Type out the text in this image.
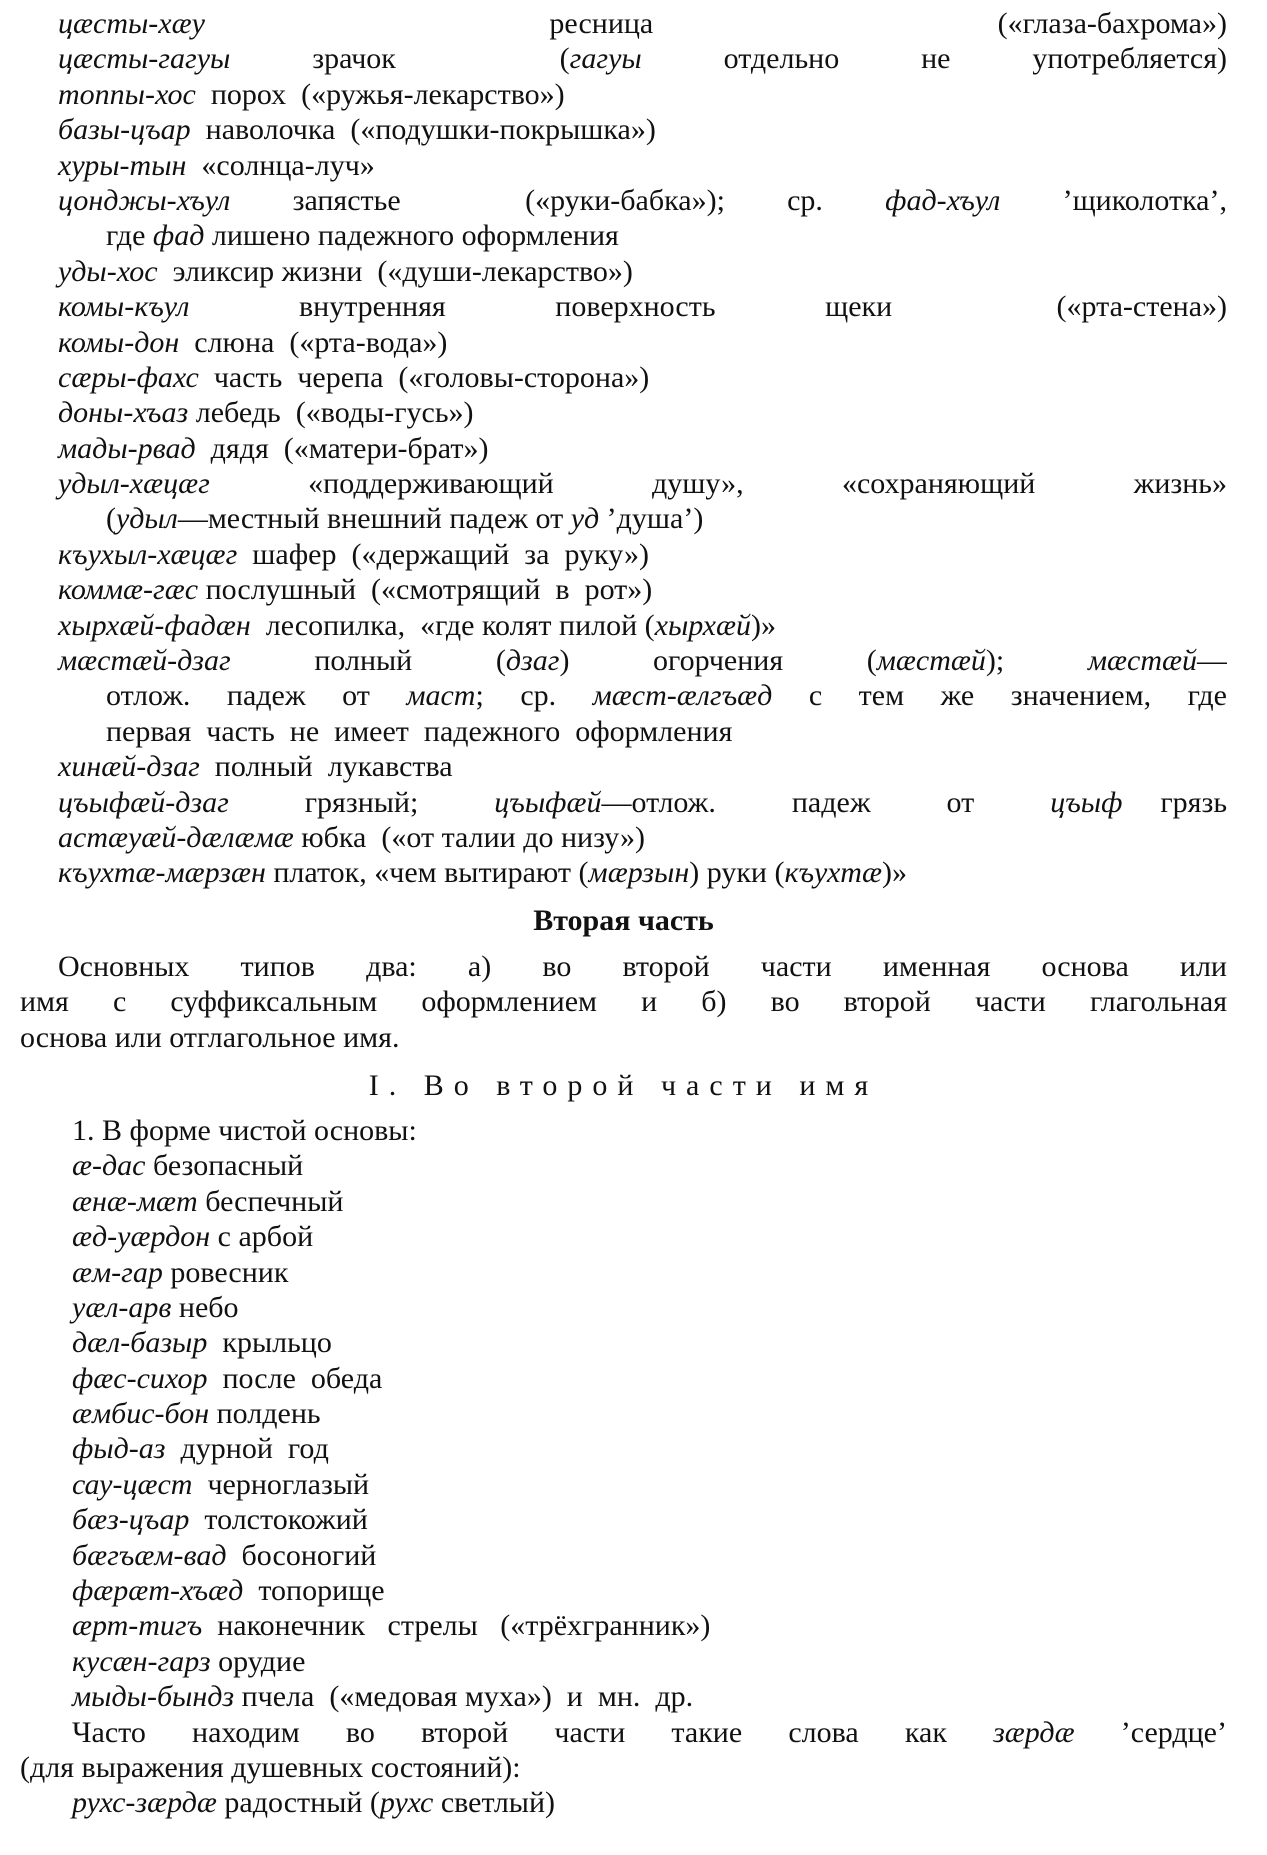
цæсты-хæу  ресница  («глаза-бахрома»)
цæсты-гагуы зрачок  (гагуы отдельно не употребляется)
топпы-хос  порох  («ружья-лекарство»)
базы-цъар  наволочка  («подушки-покрышка»)
хуры-тын  «солнца-луч»
цонджы-хъул запястье  («руки-бабка»); ср. фад-хъул ’щиколотка’,
где фад лишено падежного оформления
уды-хос  эликсир жизни  («души-лекарство»)
комы-къул  внутренняя  поверхность  щеки   («рта-стена»)
комы-дон  слюна  («рта-вода»)
сæры-фахс  часть  черепа  («головы-сторона»)
доны-хъаз лебедь  («воды-гусь»)
мады-рвад  дядя  («матери-брат»)
удыл-хæцæг  «поддерживающий  душу»,  «сохраняющий  жизнь»
(удыл—местный внешний падеж от уд ’душа’)
къухыл-хæцæг  шафер  («держащий  за  руку»)
коммæ-гæс послушный  («смотрящий  в  рот»)
хырхæй-фадæн  лесопилка,  «где колят пилой (хырхæй)»
мæстæй-дзаг  полный  (дзаг)  огорчения  (мæстæй);  мæстæй—
отлож. падеж от маст; ср. мæст-æлгъæд с тем же значением, где
первая  часть  не  имеет  падежного  оформления
хинæй-дзаг  полный  лукавства
цъыфæй-дзаг  грязный;  цъыфæй—отлож.  падеж  от  цъыф грязь
астæуæй-дæлæмæ юбка  («от талии до низу»)
къухтæ-мæрзæн платок, «чем вытирают (мæрзын) руки (къухтæ)»
Вторая часть
Основных типов два: а) во второй части именная основа или
имя с суффиксальным оформлением и б) во второй части глагольная
основа или отглагольное имя.
I. Во второй части имя
1. В форме чистой основы:
æ-дас безопасный
æнæ-мæт беспечный
æд-уæрдон с арбой
æм-гар ровесник
уæл-арв небо
дæл-базыр  крыльцо
фæс-сихор  после  обеда
æмбис-бон полдень
фыд-аз  дурной  год
сау-цæст  черноглазый
бæз-цъар  толстокожий
бæгъæм-вад  босоногий
фæрæт-хъæд  топорище
æрт-тигъ  наконечник   стрелы   («трёхгранник»)
кусæн-гарз орудие
мыды-бындз пчела  («медовая муха»)  и  мн.  др.
Часто находим во второй части такие слова как зæрдæ ’сердце’
(для выражения душевных состояний):
рухс-зæрдæ радостный (рухс светлый)
